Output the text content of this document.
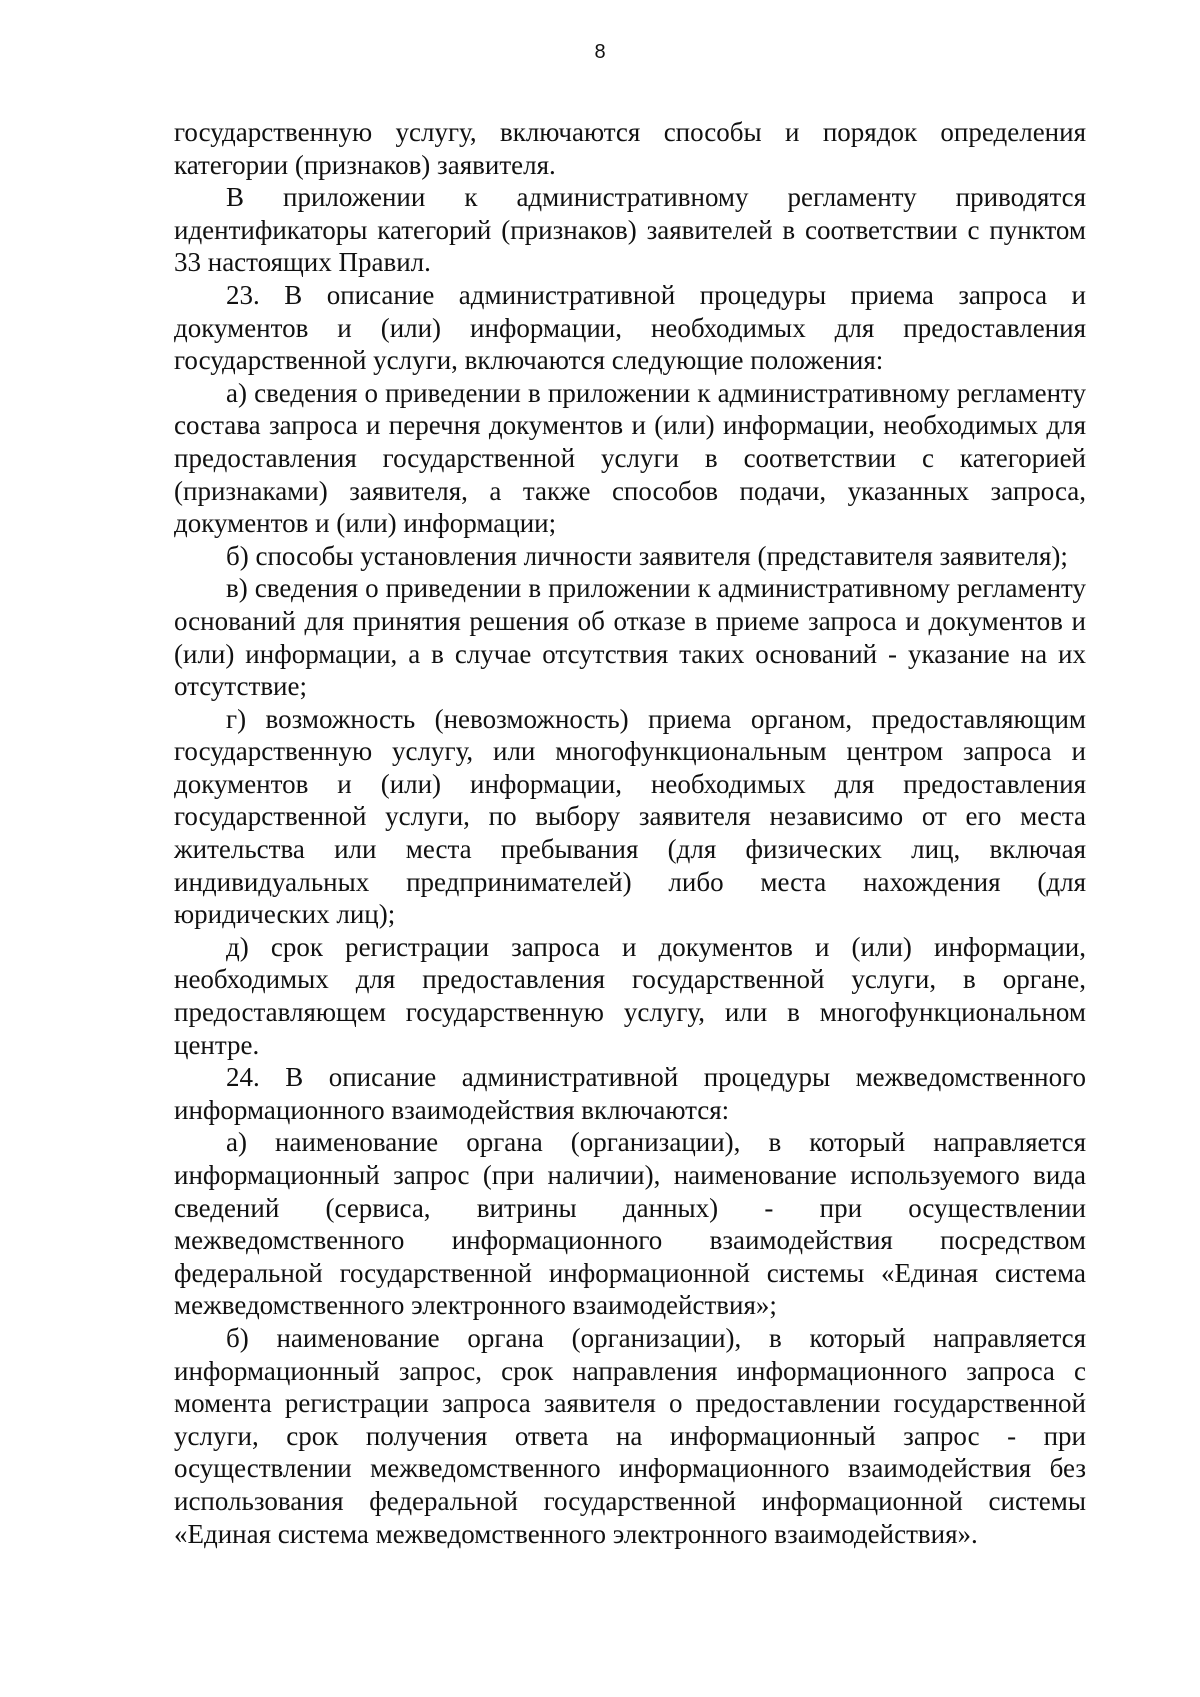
8

государственную услугу, включаются способы и порядок определения категории (признаков) заявителя.

В приложении к административному регламенту приводятся идентификаторы категорий (признаков) заявителей в соответствии с пунктом 33 настоящих Правил.

23. В описание административной процедуры приема запроса и документов и (или) информации, необходимых для предоставления государственной услуги, включаются следующие положения:

а) сведения о приведении в приложении к административному регламенту состава запроса и перечня документов и (или) информации, необходимых для предоставления государственной услуги в соответствии с категорией (признаками) заявителя, а также способов подачи, указанных запроса, документов и (или) информации;

б) способы установления личности заявителя (представителя заявителя);

в) сведения о приведении в приложении к административному регламенту оснований для принятия решения об отказе в приеме запроса и документов и (или) информации, а в случае отсутствия таких оснований - указание на их отсутствие;

г) возможность (невозможность) приема органом, предоставляющим государственную услугу, или многофункциональным центром запроса и документов и (или) информации, необходимых для предоставления государственной услуги, по выбору заявителя независимо от его места жительства или места пребывания (для физических лиц, включая индивидуальных предпринимателей) либо места нахождения (для юридических лиц);

д) срок регистрации запроса и документов и (или) информации, необходимых для предоставления государственной услуги, в органе, предоставляющем государственную услугу, или в многофункциональном центре.

24. В описание административной процедуры межведомственного информационного взаимодействия включаются:

а) наименование органа (организации), в который направляется информационный запрос (при наличии), наименование используемого вида сведений (сервиса, витрины данных) - при осуществлении межведомственного информационного взаимодействия посредством федеральной государственной информационной системы «Единая система межведомственного электронного взаимодействия»;

б) наименование органа (организации), в который направляется информационный запрос, срок направления информационного запроса с момента регистрации запроса заявителя о предоставлении государственной услуги, срок получения ответа на информационный запрос - при осуществлении межведомственного информационного взаимодействия без использования федеральной государственной информационной системы «Единая система межведомственного электронного взаимодействия».
